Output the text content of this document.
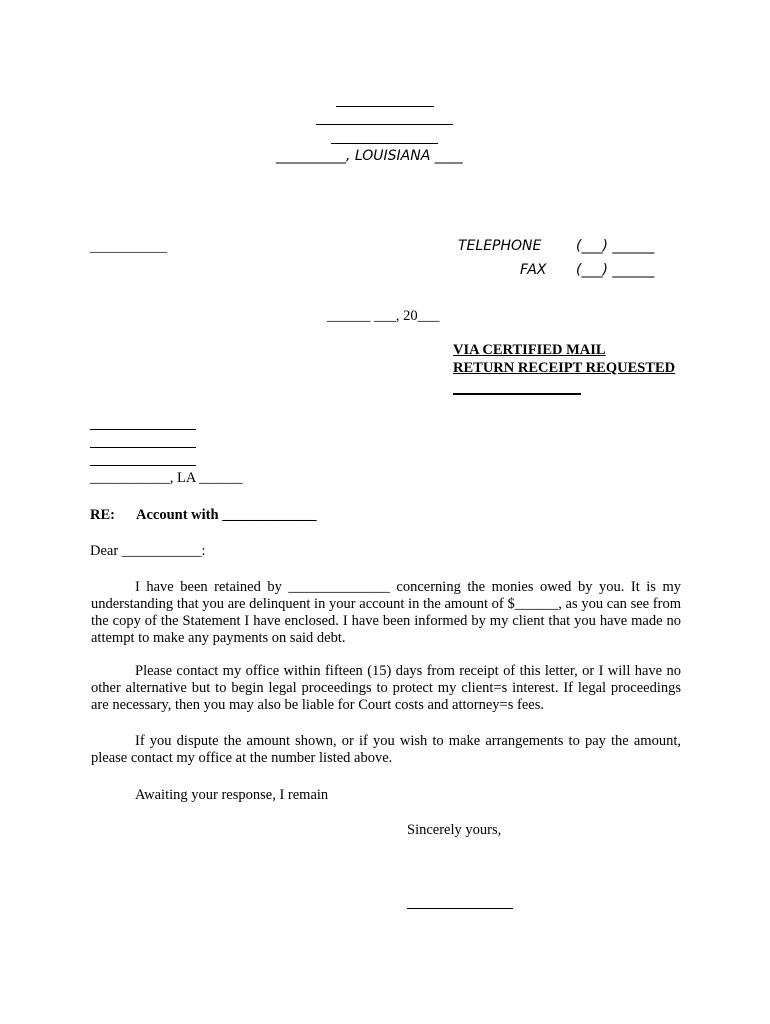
__________, LOUISIANA ____
___________	TELEPHONE (___) ______
FAX (___) ______
______ ___, 20___
VIA CERTIFIED MAIL
RETURN RECEIPT REQUESTED
___________, LA ______
RE: Account with _____________
Dear ___________:
I have been retained by ______________ concerning the monies owed by you. It is my understanding that you are delinquent in your account in the amount of $______, as you can see from the copy of the Statement I have enclosed. I have been informed by my client that you have made no attempt to make any payments on said debt.
Please contact my office within fifteen (15) days from receipt of this letter, or I will have no other alternative but to begin legal proceedings to protect my client=s interest. If legal proceedings are necessary, then you may also be liable for Court costs and attorney=s fees.
If you dispute the amount shown, or if you wish to make arrangements to pay the amount, please contact my office at the number listed above.
Awaiting your response, I remain
Sincerely yours,
